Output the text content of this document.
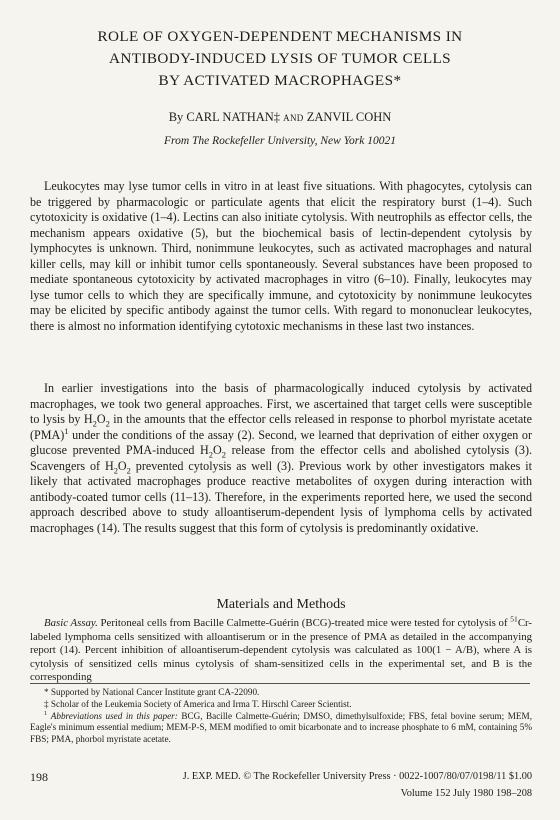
ROLE OF OXYGEN-DEPENDENT MECHANISMS IN
ANTIBODY-INDUCED LYSIS OF TUMOR CELLS
BY ACTIVATED MACROPHAGES*
By CARL NATHAN‡ AND ZANVIL COHN
From The Rockefeller University, New York 10021
Leukocytes may lyse tumor cells in vitro in at least five situations. With phagocytes, cytolysis can be triggered by pharmacologic or particulate agents that elicit the respiratory burst (1–4). Such cytotoxicity is oxidative (1–4). Lectins can also initiate cytolysis. With neutrophils as effector cells, the mechanism appears oxidative (5), but the biochemical basis of lectin-dependent cytolysis by lymphocytes is unknown. Third, nonimmune leukocytes, such as activated macrophages and natural killer cells, may kill or inhibit tumor cells spontaneously. Several substances have been proposed to mediate spontaneous cytotoxicity by activated macrophages in vitro (6–10). Finally, leukocytes may lyse tumor cells to which they are specifically immune, and cytotoxicity by nonimmune leukocytes may be elicited by specific antibody against the tumor cells. With regard to mononuclear leukocytes, there is almost no information identifying cytotoxic mechanisms in these last two instances.
In earlier investigations into the basis of pharmacologically induced cytolysis by activated macrophages, we took two general approaches. First, we ascertained that target cells were susceptible to lysis by $H_2O_2$ in the amounts that the effector cells released in response to phorbol myristate acetate (PMA)$^1$ under the conditions of the assay (2). Second, we learned that deprivation of either oxygen or glucose prevented PMA-induced $H_2O_2$ release from the effector cells and abolished cytolysis (3). Scavengers of $H_2O_2$ prevented cytolysis as well (3). Previous work by other investigators makes it likely that activated macrophages produce reactive metabolites of oxygen during interaction with antibody-coated tumor cells (11–13). Therefore, in the experiments reported here, we used the second approach described above to study alloantiserum-dependent lysis of lymphoma cells by activated macrophages (14). The results suggest that this form of cytolysis is predominantly oxidative.
Materials and Methods
Basic Assay. Peritoneal cells from Bacille Calmette-Guérin (BCG)-treated mice were tested for cytolysis of $^{51}$Cr-labeled lymphoma cells sensitized with alloantiserum or in the presence of PMA as detailed in the accompanying report (14). Percent inhibition of alloantiserum-dependent cytolysis was calculated as 100(1 − A/B), where A is cytolysis of sensitized cells minus cytolysis of sham-sensitized cells in the experimental set, and B is the corresponding
* Supported by National Cancer Institute grant CA-22090.
‡ Scholar of the Leukemia Society of America and Irma T. Hirschl Career Scientist.
$^1$ Abbreviations used in this paper: BCG, Bacille Calmette-Guérin; DMSO, dimethylsulfoxide; FBS, fetal bovine serum; MEM, Eagle's minimum essential medium; MEM-P-S, MEM modified to omit bicarbonate and to increase phosphate to 6 mM, containing 5% FBS; PMA, phorbol myristate acetate.
198	J. EXP. MED. © The Rockefeller University Press · 0022-1007/80/07/0198/11 $1.00
Volume 152 July 1980 198–208
